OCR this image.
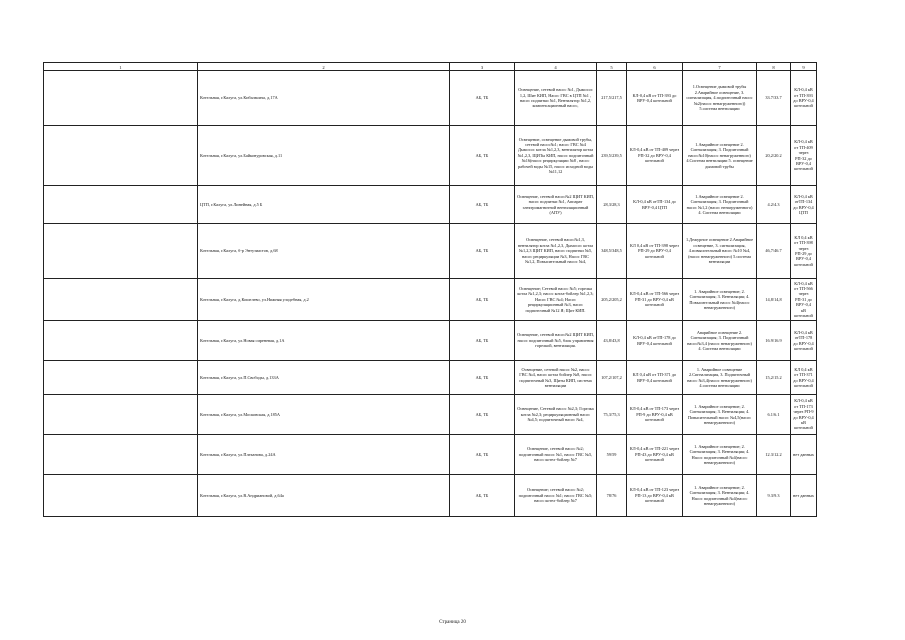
1	2	3	4	5	6	7	8	9
	Котельная, г.Калуга, ул.Кибальчича, д.17А	АБ, ТБ	Освещение, сетевой насос №1, Дымосос 1,2, Шит КИП, Насос ГВС в ЦТП №1 , насос подпитки №1, Вентилятор №1,2, компенсационный насос,	217,5/217,5	КЛ-0,4 кВ от ТП-393 до ВРУ-0,4 котельной	1.Освещение дымовой трубы 2.Аварийное освещение, 3. сигнализация, 4.подпиточный насос №2(насос ненагруженного)) 5.система вентиляции	33.7/33.7	КЛ-0,4 кВ от ТП-393 до ВРУ-0,4 котельной
	Котельная, г.Калуга, ул.Байконуровская, д.11	АБ, ТБ	Освещение, освещение дымовой трубы, сетевой насос№1; насос ГВС №4 Дымосос котла №1,2,3, вентилятор котла №1,2,3, ЩИТы КИП, насос подпиточный №16(насос рециркуляции №8 , насос рабочей воды №15, насос исходной воды №11,12	239,5/239,5	КЛ-0,4 кВ от ТП-409 через РП-32 до ВРУ-0,4 котельной	1.Аварийное освещение 2. Сигнализация; 3. Подпиточный насос№10(насос ненагруженного) 4.Система вентиляции 5. освещение дымовой трубы	20,2/20.2	КЛ-0,4 кВ от ТП-409 через РП-32 до ВРУ-0,4 котельной
	ЦТП, г.Калуга, ул.Линейная, д.5 Б	АБ, ТБ	Освещение, сетевой насос№2 ЩИТ КИП, насос подпитки №1, Аппарат электромагнитной вентиляционный (АПУ)	28,3/28,3	КЛ-0,4 кВ отТП-134 до ВРУ-0,4 ЦТП	1.Аварийное освещение 2. Сигнализация; 3. Подпиточный насос №1,2 (насос ненагруженного) 4. Система вентиляции	4.2/4.3	КЛ-0,4 кВ отТП-134 до ВРУ-0,4 ЦТП
	Котельная, г.Калуга, б-р Энтузиастов, д.68	АБ, ТБ	Освещение, сетевой насос№1,3, вентилятор котла №1,2,3, Дымосос котла №1,2,3 ЩИТ КИП, насос подпитки №5, насос рециркуляции №3, Насос ГВС №1,2, Повысительный насос №4,	348,5/348,5	КЛ 0,4 кВ от ТП-398 через РП-29 до ВРУ-0,4 котельной	1.Дежурное освещение 2.Аварийное освещение, 3. сигнализация, 4.повысительный насос №10 №4, (насос ненагруженного) 5.система вентиляции	46,7/46.7	КЛ 0,4 кВ от ТП-398 через РП-29 до ВРУ-0,4 котельной
	Котельная, г.Калуга, д.Кошелево, ул.Нижняя улодебная, д.2	АБ, ТБ	Освещение; Сетевой насос №5; горелка котла №1,2,3; насос котла-бойлер №1,2,3; Насос ГВС №4; Насос рециркуляционный №3, насос подпиточный №12 Я; Щит КИП.	205,2/205,2	КЛ-0,4 кВ от ТП-566 через РП-31 до ВРУ-0,4 кВ котельной	1. Аварийное освещение; 2. Сигнализация; 3. Вентиляция; 4. Повысительный насос №4(насос ненагруженного)	14,8/14,8	КЛ-0,4 кВ от ТП-566 через РП-31 до ВРУ-0,4 кВ котельной
	Котельная, г.Калуга, ул.Новая сиреневая, д.1А	АБ, ТБ	Освещение, сетевой насос№2 ЩИТ КИП, насос подпиточный №5, блок управления горелкой, вентиляция.	43,8/43,8	КЛ-0,4 кВ отТП-178 до ВРУ-0,4 котельной	Аварийное освещение 2. Сигнализация; 3. Подпиточный насос№3,4 (насос ненагруженного) 4. Система вентиляции	16.9/16.9	КЛ-0,4 кВ отТП-178 до ВРУ-0,4 котельной
	Котельная, г.Калуга, ул.П.Свободы, д.133А	АБ, ТБ	Освещение, сетевой насос №2, насос ГВС №4, насос котла бойлер №8, насос подпиточный №3, Щиты КИП, система вентиляции	107,2/107,2	КЛ 0,4 кВ от ТП-371 до ВРУ-0,4 котельной	1. Аварийное освещение 2.Сигнализация, 3. Подпиточный насос №3,4(насос ненагруженного) 4.система вентиляции	15,2/15.2	КЛ 0,4 кВ от ТП-371 до ВРУ-0,4 котельной
	Котельная, г.Калуга, ул.Московская, д.185А	АБ, ТБ	Освещение, Сетевой насос №2,3; Горелка котла №2,3; рециркуляционный насос №4,5; подпиточный насос №4,	75,3/75,3	КЛ-0,4 кВ от ТП-173 через РП-9 до ВРУ-0,4 кВ котельной	1. Аварийное освещение; 2. Сигнализация; 3. Вентиляция; 4. Повысительный насос №4,5(насос ненагруженного)	6.1/6.1	КЛ-0,4 кВ от ТП-173 через РП-9 до ВРУ-0,4 кВ котельной
	Котельная, г.Калуга, ул.Плеханова, д.24А	АБ, ТБ	Освещение, сетевой насос №2; подпиточный насос №1, насос ГВС №5, насос котел-бойлер №7	59/59	КЛ-0,4 кВ от ТП-221 через РП-43 до ВРУ-0,4 кВ котельной	1. Аварийное освещение; 2. Сигнализация; 3. Вентиляция; 4. Насос подпиточный №4(насос ненагруженного)	12.3/12.2	нет данных
	Котельная, г.Калуга, ул.В.Андриановой, д.64а	АБ, ТБ	Освещение; сетевой насос №2; подпиточный насос №1; насос ГВС №5; насос котел-бойлер №7	78/76	КЛ-0,4 кВ от ТП-123 через РП-13 до ВРУ-0,4 кВ котельной	1. Аварийное освещение; 2. Сигнализация; 3. Вентиляция; 4. Насос подпиточный №4(насос ненагруженного)	9.3/9.3	нет данных
Страница 20
